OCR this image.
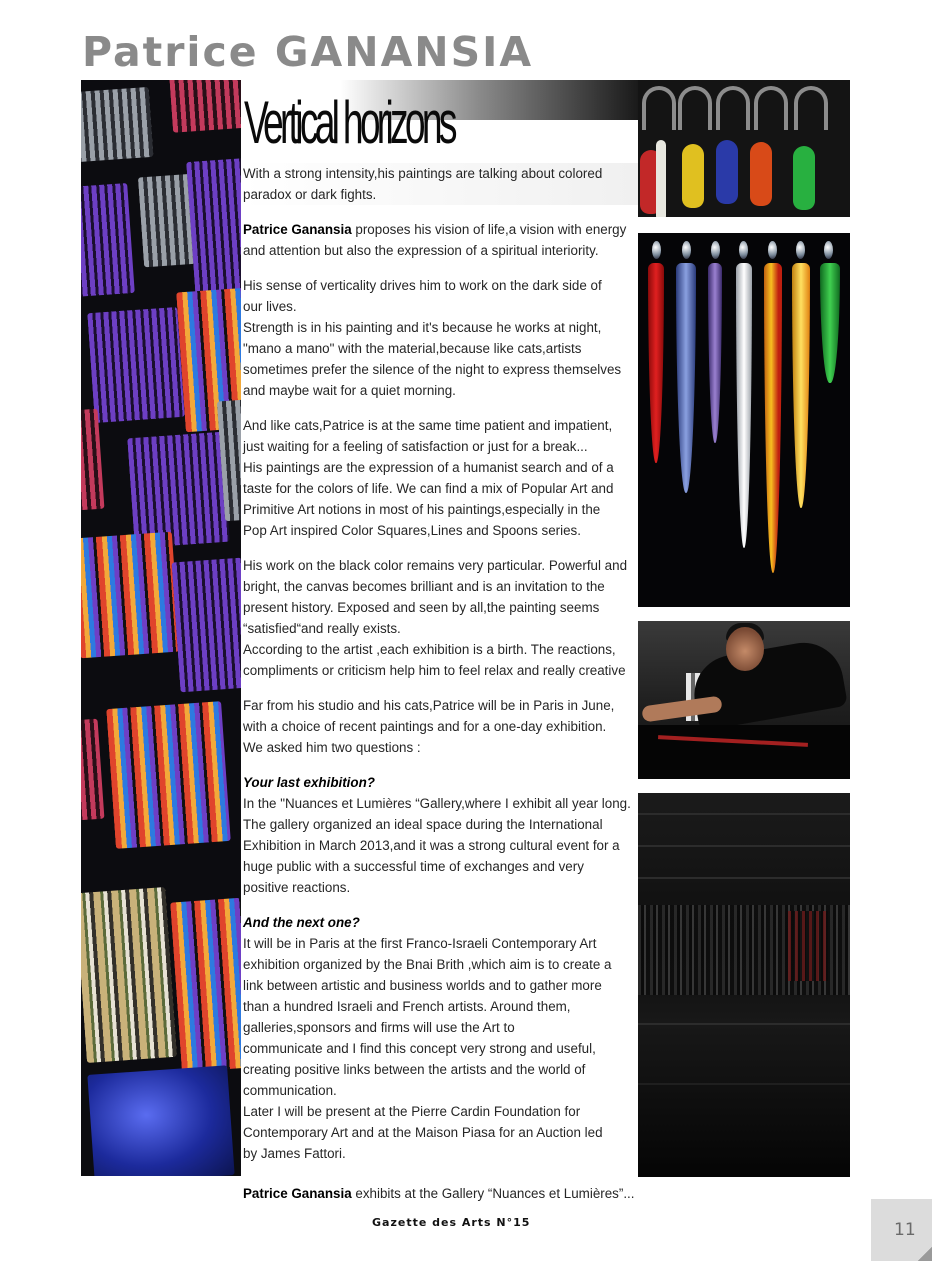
Patrice GANANSIA
Vertical horizons

With a strong intensity,his paintings are talking about colored
paradox or dark fights.

Patrice Ganansia proposes his vision of life,a vision with energy
and attention but also the expression of a spiritual interiority.

His sense of verticality drives him to work on the dark side of
our lives.
Strength is in his painting and it's because he works at night,
"mano a mano" with the material,because like cats,artists
sometimes prefer the silence of the night to express themselves
and maybe wait for a quiet morning.

And like cats,Patrice is at the same time patient and impatient,
just waiting for a feeling of satisfaction or just for a break...
His paintings are the expression of a humanist search and of a
taste for the colors of life. We can find a mix of Popular Art and
Primitive Art notions in most of his paintings,especially in the
Pop Art inspired Color Squares,Lines and Spoons series.

His work on the black color remains very particular. Powerful and
bright, the canvas becomes brilliant and is an invitation to the
present history. Exposed and seen by all,the painting seems
“satisfied“and really exists.
According to the artist ,each exhibition is a birth. The reactions,
compliments or criticism help him to feel relax and really creative

Far from his studio and his cats,Patrice will be in Paris in June,
with a choice of recent paintings and for a one-day exhibition.
We asked him two questions :

Your last exhibition?
In the "Nuances et Lumières “Gallery,where I exhibit all year long.
The gallery organized an ideal space during the International
Exhibition in March 2013,and it was a strong cultural event for a
huge public with a successful time of exchanges and very
positive reactions.

And the next one?
It will be in Paris at the first Franco-Israeli Contemporary Art
exhibition organized by the Bnai Brith ,which aim is to create a
link between artistic and business worlds and to gather more
than a hundred Israeli and French artists. Around them,
galleries,sponsors and firms will use the Art to
communicate and I find this concept very strong and useful,
creating positive links between the artists and the world of
communication.
Later I will be present at the Pierre Cardin Foundation for
Contemporary Art and at the Maison Piasa for an Auction led
by James Fattori.

Patrice Ganansia exhibits at the Gallery “Nuances et Lumières”...
Gazette des Arts N°15	11
